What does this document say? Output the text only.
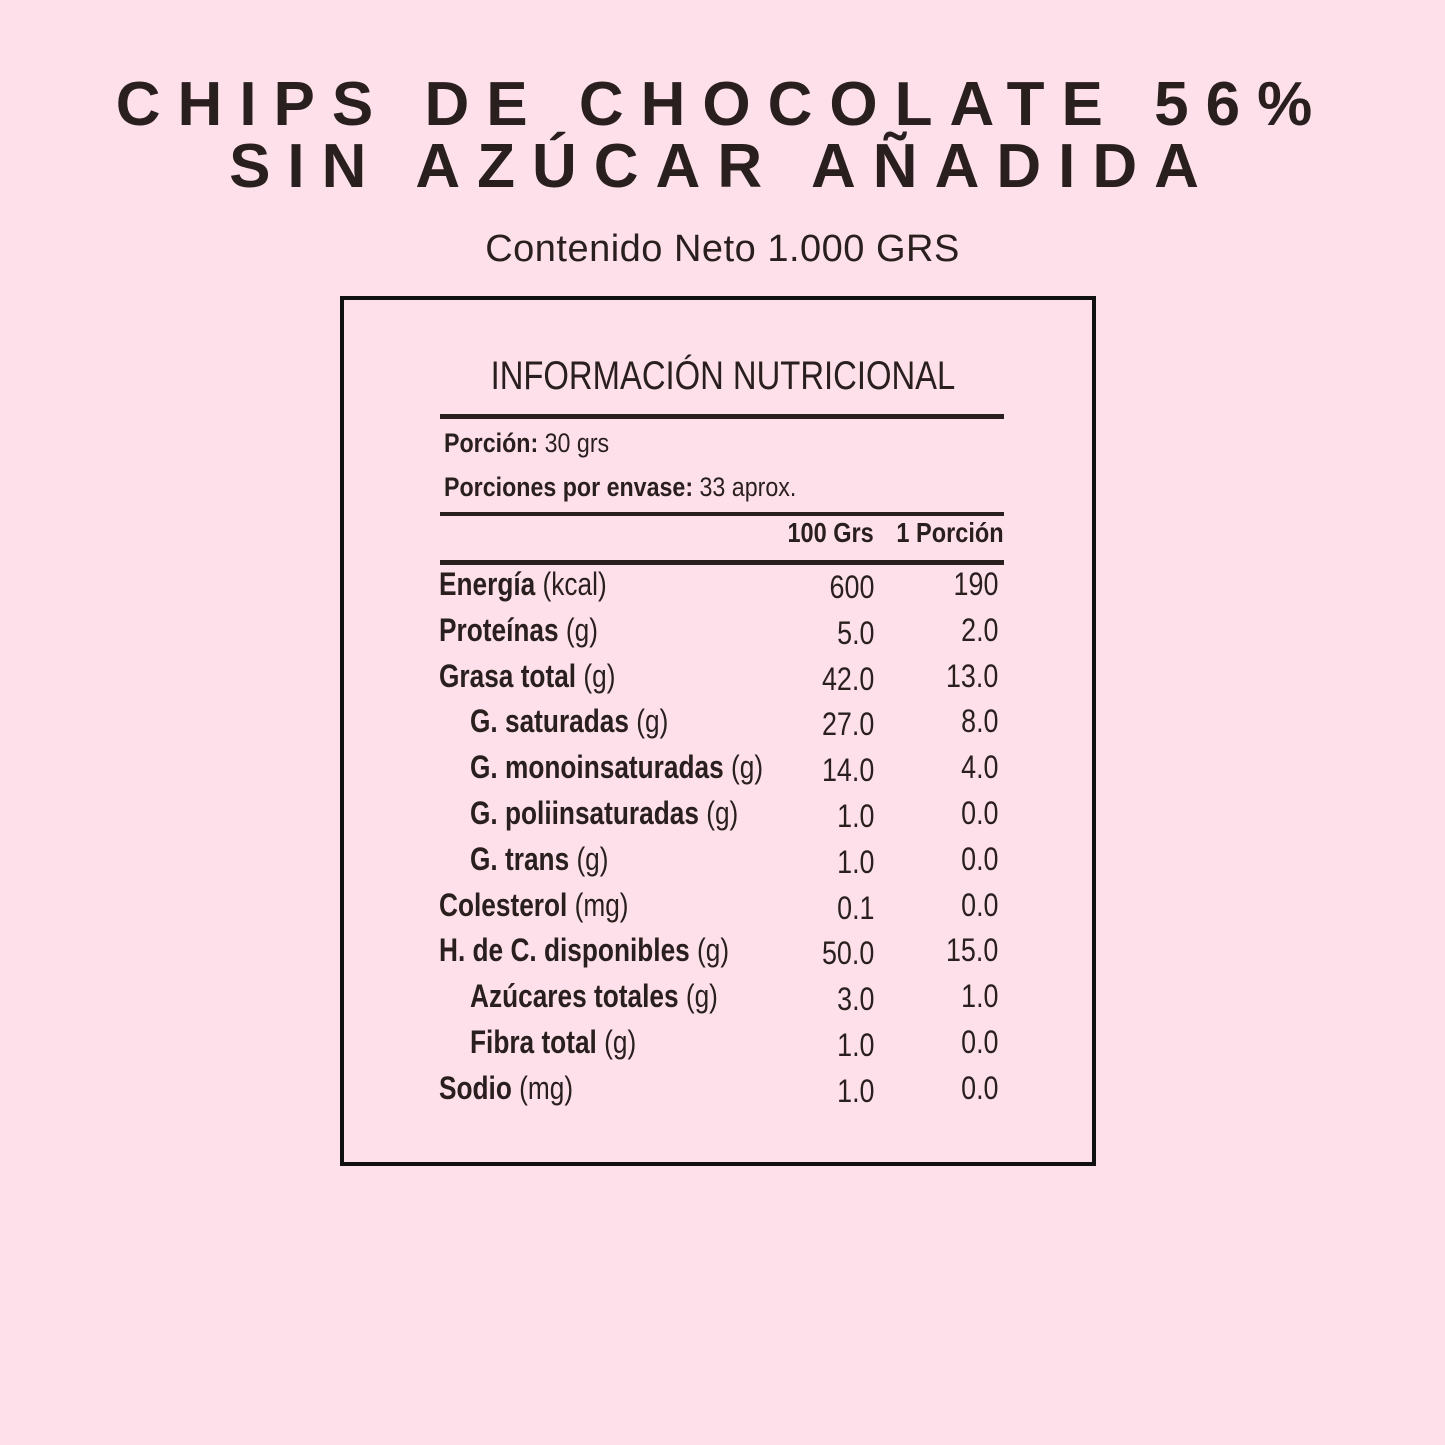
CHIPS DE CHOCOLATE 56%
SIN AZÚCAR AÑADIDA
Contenido Neto 1.000 GRS
INFORMACIÓN NUTRICIONAL
Porción: 30 grs
Porciones por envase: 33 aprox.
100 Grs 1 Porción
Energía (kcal)	600 190
Proteínas (g)	5.0	2.0
Grasa total (g)	42.0 13.0
G. saturadas (g)	27.0	8.0
G. monoinsaturadas (g) 14.0	4.0
G. poliinsaturadas (g)	1.0	0.0
G. trans (g)	1.0	0.0
Colesterol (mg)	0.1	0.0
H. de C. disponibles (g)	50.0 15.0
Azúcares totales (g)	3.0	1.0
Fibra total (g)	1.0	0.0
Sodio (mg)	1.0	0.0
